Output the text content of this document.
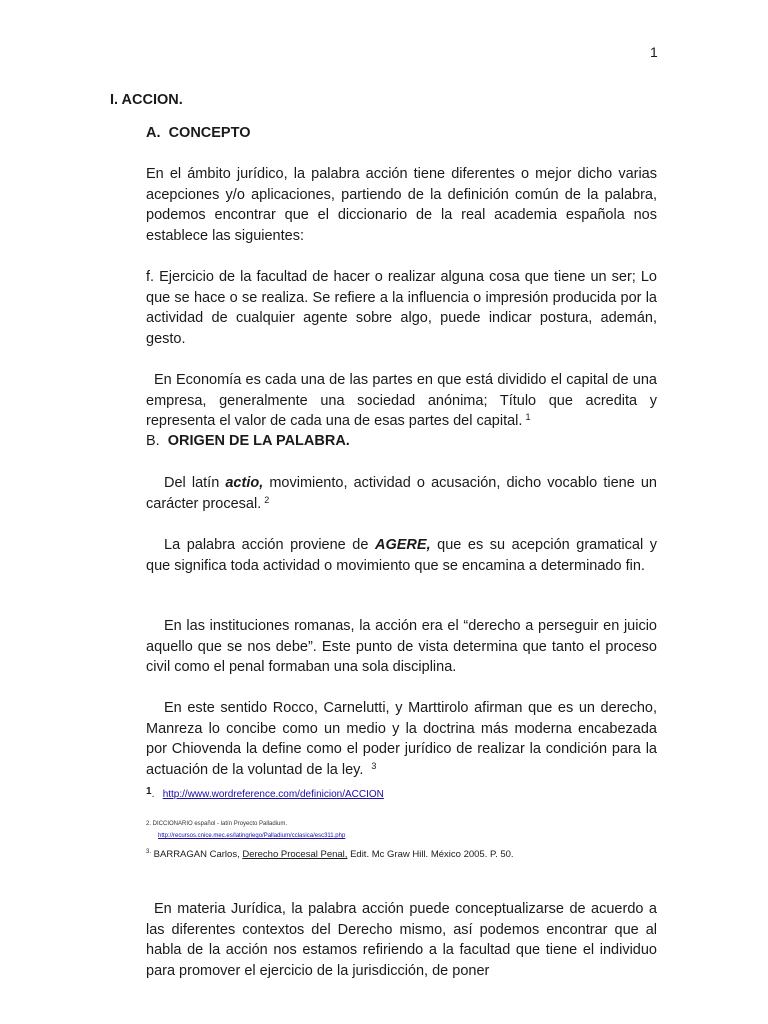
1
I. ACCION.
A. CONCEPTO

En el ámbito jurídico, la palabra acción tiene diferentes o mejor dicho varias acepciones y/o aplicaciones, partiendo de la definición común de la palabra, podemos encontrar que el diccionario de la real academia española nos establece las siguientes:

f. Ejercicio de la facultad de hacer o realizar alguna cosa que tiene un ser; Lo que se hace o se realiza. Se refiere a la influencia o impresión producida por la actividad de cualquier agente sobre algo, puede indicar postura, ademán, gesto.

En Economía es cada una de las partes en que está dividido el capital de una empresa, generalmente una sociedad anónima; Título que acredita y representa el valor de cada una de esas partes del capital. $^1$

B. ORIGEN DE LA PALABRA.

Del latín actio, movimiento, actividad o acusación, dicho vocablo tiene un carácter procesal. $^2$

La palabra acción proviene de AGERE, que es su acepción gramatical y que significa toda actividad o movimiento que se encamina a determinado fin.

En las instituciones romanas, la acción era el “derecho a perseguir en juicio aquello que se nos debe”. Este punto de vista determina que tanto el proceso civil como el penal formaban una sola disciplina.

En este sentido Rocco, Carnelutti, y Marttirolo afirman que es un derecho, Manreza lo concibe como un medio y la doctrina más moderna encabezada por Chiovenda la define como el poder jurídico de realizar la condición para la actuación de la voluntad de la ley. $^3$

1.   http://www.wordreference.com/definicion/ACCION
2. DICCIONARIO español - latín Proyecto Palladium.
http://recursos.cnice.mec.es/latingriego/Palladium/cclasica/esc311.php
$^{3.}$ BARRAGAN Carlos, Derecho Procesal Penal, Edit. Mc Graw Hill. México 2005. P. 50.

En materia Jurídica, la palabra acción puede conceptualizarse de acuerdo a las diferentes contextos del Derecho mismo, así podemos encontrar que al habla de la acción nos estamos refiriendo a la facultad que tiene el individuo para promover el ejercicio de la jurisdicción, de poner
